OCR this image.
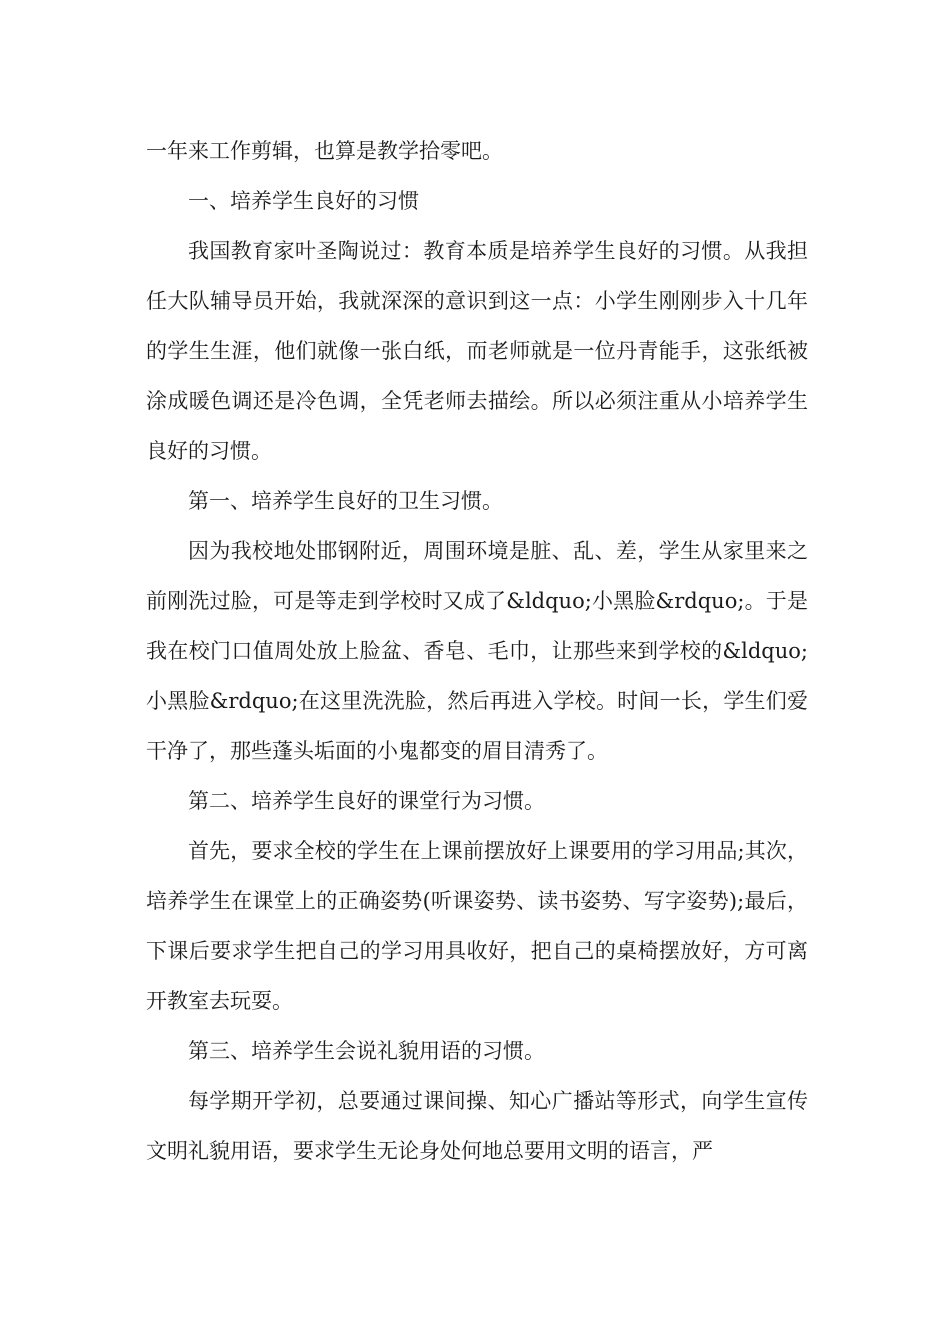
一年来工作剪辑，也算是教学拾零吧。

一、培养学生良好的习惯

我国教育家叶圣陶说过：教育本质是培养学生良好的习惯。从我担任大队辅导员开始，我就深深的意识到这一点：小学生刚刚步入十几年的学生生涯，他们就像一张白纸，而老师就是一位丹青能手，这张纸被涂成暖色调还是冷色调，全凭老师去描绘。所以必须注重从小培养学生良好的习惯。

第一、培养学生良好的卫生习惯。

因为我校地处邯钢附近，周围环境是脏、乱、差，学生从家里来之前刚洗过脸，可是等走到学校时又成了&ldquo;小黑脸&rdquo;。于是我在校门口值周处放上脸盆、香皂、毛巾，让那些来到学校的&ldquo;小黑脸&rdquo;在这里洗洗脸，然后再进入学校。时间一长，学生们爱干净了，那些蓬头垢面的小鬼都变的眉目清秀了。

第二、培养学生良好的课堂行为习惯。

首先，要求全校的学生在上课前摆放好上课要用的学习用品;其次，培养学生在课堂上的正确姿势(听课姿势、读书姿势、写字姿势);最后，下课后要求学生把自己的学习用具收好，把自己的桌椅摆放好，方可离开教室去玩耍。

第三、培养学生会说礼貌用语的习惯。

每学期开学初，总要通过课间操、知心广播站等形式，向学生宣传文明礼貌用语，要求学生无论身处何地总要用文明的语言，严
